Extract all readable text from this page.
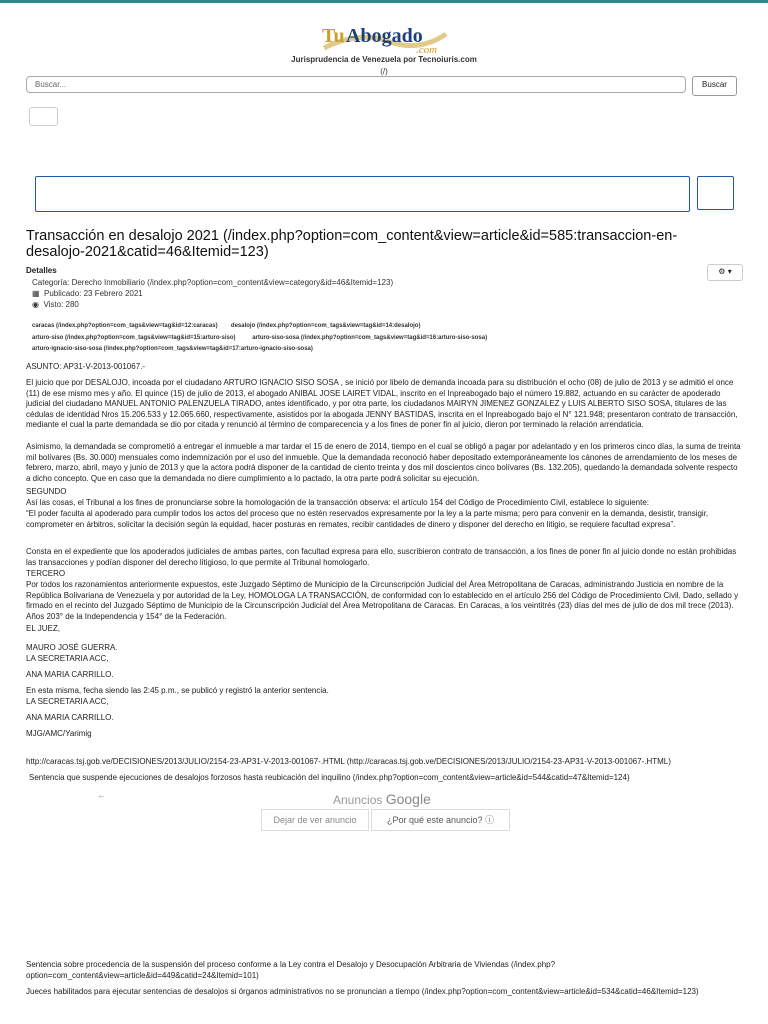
Tu Abogado
.com
Jurisprudencia de Venezuela por Tecnoiuris.com
(/)
Buscar...	Buscar
Transacción en desalojo 2021 (/index.php?option=com_content&view=article&id=585:transaccion-en-desalojo-2021&catid=46&Itemid=123)
Detalles	⚙ ▾
Categoría: Derecho Inmobiliario (/index.php?option=com_content&view=category&id=46&Itemid=123)
▦ Publicado: 23 Febrero 2021
◉ Visto: 280
caracas (/index.php?option=com_tags&view=tag&id=12:caracas) desalojo (/index.php?option=com_tags&view=tag&id=14:desalojo)
arturo-siso (/index.php?option=com_tags&view=tag&id=15:arturo-siso)	arturo-siso-sosa (/index.php?option=com_tags&view=tag&id=16:arturo-siso-sosa)
arturo-ignacio-siso-sosa (/index.php?option=com_tags&view=tag&id=17:arturo-ignacio-siso-sosa)

ASUNTO: AP31-V-2013-001067.-

El juicio que por DESALOJO, incoada por el ciudadano ARTURO IGNACIO SISO SOSA , se inició por libelo de demanda incoada para su distribución el ocho (08) de julio de 2013 y se admitió el once (11) de ese mismo mes y año. El quince (15) de julio de 2013, el abogado ANIBAL JOSE LAIRET VIDAL, inscrito en el Inpreabogado bajo el número 19.882, actuando en su carácter de apoderado judicial del ciudadano MANUEL ANTONIO PALENZUELA TIRADO, antes identificado, y por otra parte, los ciudadanos MAIRYN JIMENEZ GONZALEZ y LUIS ALBERTO SISO SOSA, titulares de las cédulas de identidad Nros 15.206.533 y 12.065.660, respectivamente, asistidos por la abogada JENNY BASTIDAS, inscrita en el Inpreabogado bajo el N° 121.948; presentaron contrato de transacción, mediante el cual la parte demandada se dio por citada y renunció al término de comparecencia y a los fines de poner fin al juicio, dieron por terminado la relación arrendaticia.

Asimismo, la demandada se comprometió a entregar el inmueble a mar tardar el 15 de enero de 2014, tiempo en el cual se obligó a pagar por adelantado y en los primeros cinco días, la suma de treinta mil bolívares (Bs. 30.000) mensuales como indemnización por el uso del inmueble. Que la demandada reconoció haber depositado extemporáneamente los cánones de arrendamiento de los meses de febrero, marzo, abril, mayo y junio de 2013 y que la actora podrá disponer de la cantidad de ciento treinta y dos mil doscientos cinco bolívares (Bs. 132.205), quedando la demandada solvente respecto a dicho concepto. Que en caso que la demandada no diere cumplimiento a lo pactado, la otra parte podrá solicitar su ejecución.

SEGUNDO

Así las cosas, el Tribunal a los fines de pronunciarse sobre la homologación de la transacción observa: el artículo 154 del Código de Procedimiento Civil, establece lo siguiente:

“El poder faculta al apoderado para cumplir todos los actos del proceso que no estén reservados expresamente por la ley a la parte misma; pero para convenir en la demanda, desistir, transigir, comprometer en árbitros, solicitar la decisión según la equidad, hacer posturas en remates, recibir cantidades de dinero y disponer del derecho en litigio, se requiere facultad expresa”.

Consta en el expediente que los apoderados judiciales de ambas partes, con facultad expresa para ello, suscribieron contrato de transacción, a los fines de poner fin al juicio donde no están prohibidas las transacciones y podían disponer del derecho litigioso, lo que permite al Tribunal homologarlo.

TERCERO

Por todos los razonamientos anteriormente expuestos, este Juzgado Séptimo de Municipio de la Circunscripción Judicial del Área Metropolitana de Caracas, administrando Justicia en nombre de la República Bolivariana de Venezuela y por autoridad de la Ley, HOMOLOGA LA TRANSACCIÓN, de conformidad con lo establecido en el artículo 256 del Código de Procedimiento Civil. Dado, sellado y firmado en el recinto del Juzgado Séptimo de Municipio de la Circunscripción Judicial del Área Metropolitana de Caracas. En Caracas, a los veintitrés (23) días del mes de julio de dos mil trece (2013). Años 203° de la Independencia y 154° de la Federación.

EL JUEZ,

MAURO JOSÉ GUERRA.

LA SECRETARIA ACC,

ANA MARIA CARRILLO.

En esta misma, fecha siendo las 2:45 p.m., se publicó y registró la anterior sentencia.

LA SECRETARIA ACC,

ANA MARIA CARRILLO.

MJG/AMC/Yarimig

http://caracas.tsj.gob.ve/DECISIONES/2013/JULIO/2154-23-AP31-V-2013-001067-.HTML (http://caracas.tsj.gob.ve/DECISIONES/2013/JULIO/2154-23-AP31-V-2013-001067-.HTML)

Sentencia que suspende ejecuciones de desalojos forzosos hasta reubicación del inquilino (/index.php?option=com_content&view=article&id=544&catid=47&Itemid=124)

←	Anuncios Google
Dejar de ver anuncio	¿Por qué este anuncio? ⓘ

Sentencia sobre procedencia de la suspensión del proceso conforme a la Ley contra el Desalojo y Desocupación Arbitraria de Viviendas (/index.php?option=com_content&view=article&id=449&catid=24&Itemid=101)

Jueces habilitados para ejecutar sentencias de desalojos si órganos administrativos no se pronuncian a tiempo (/index.php?option=com_content&view=article&id=534&catid=46&Itemid=123)
